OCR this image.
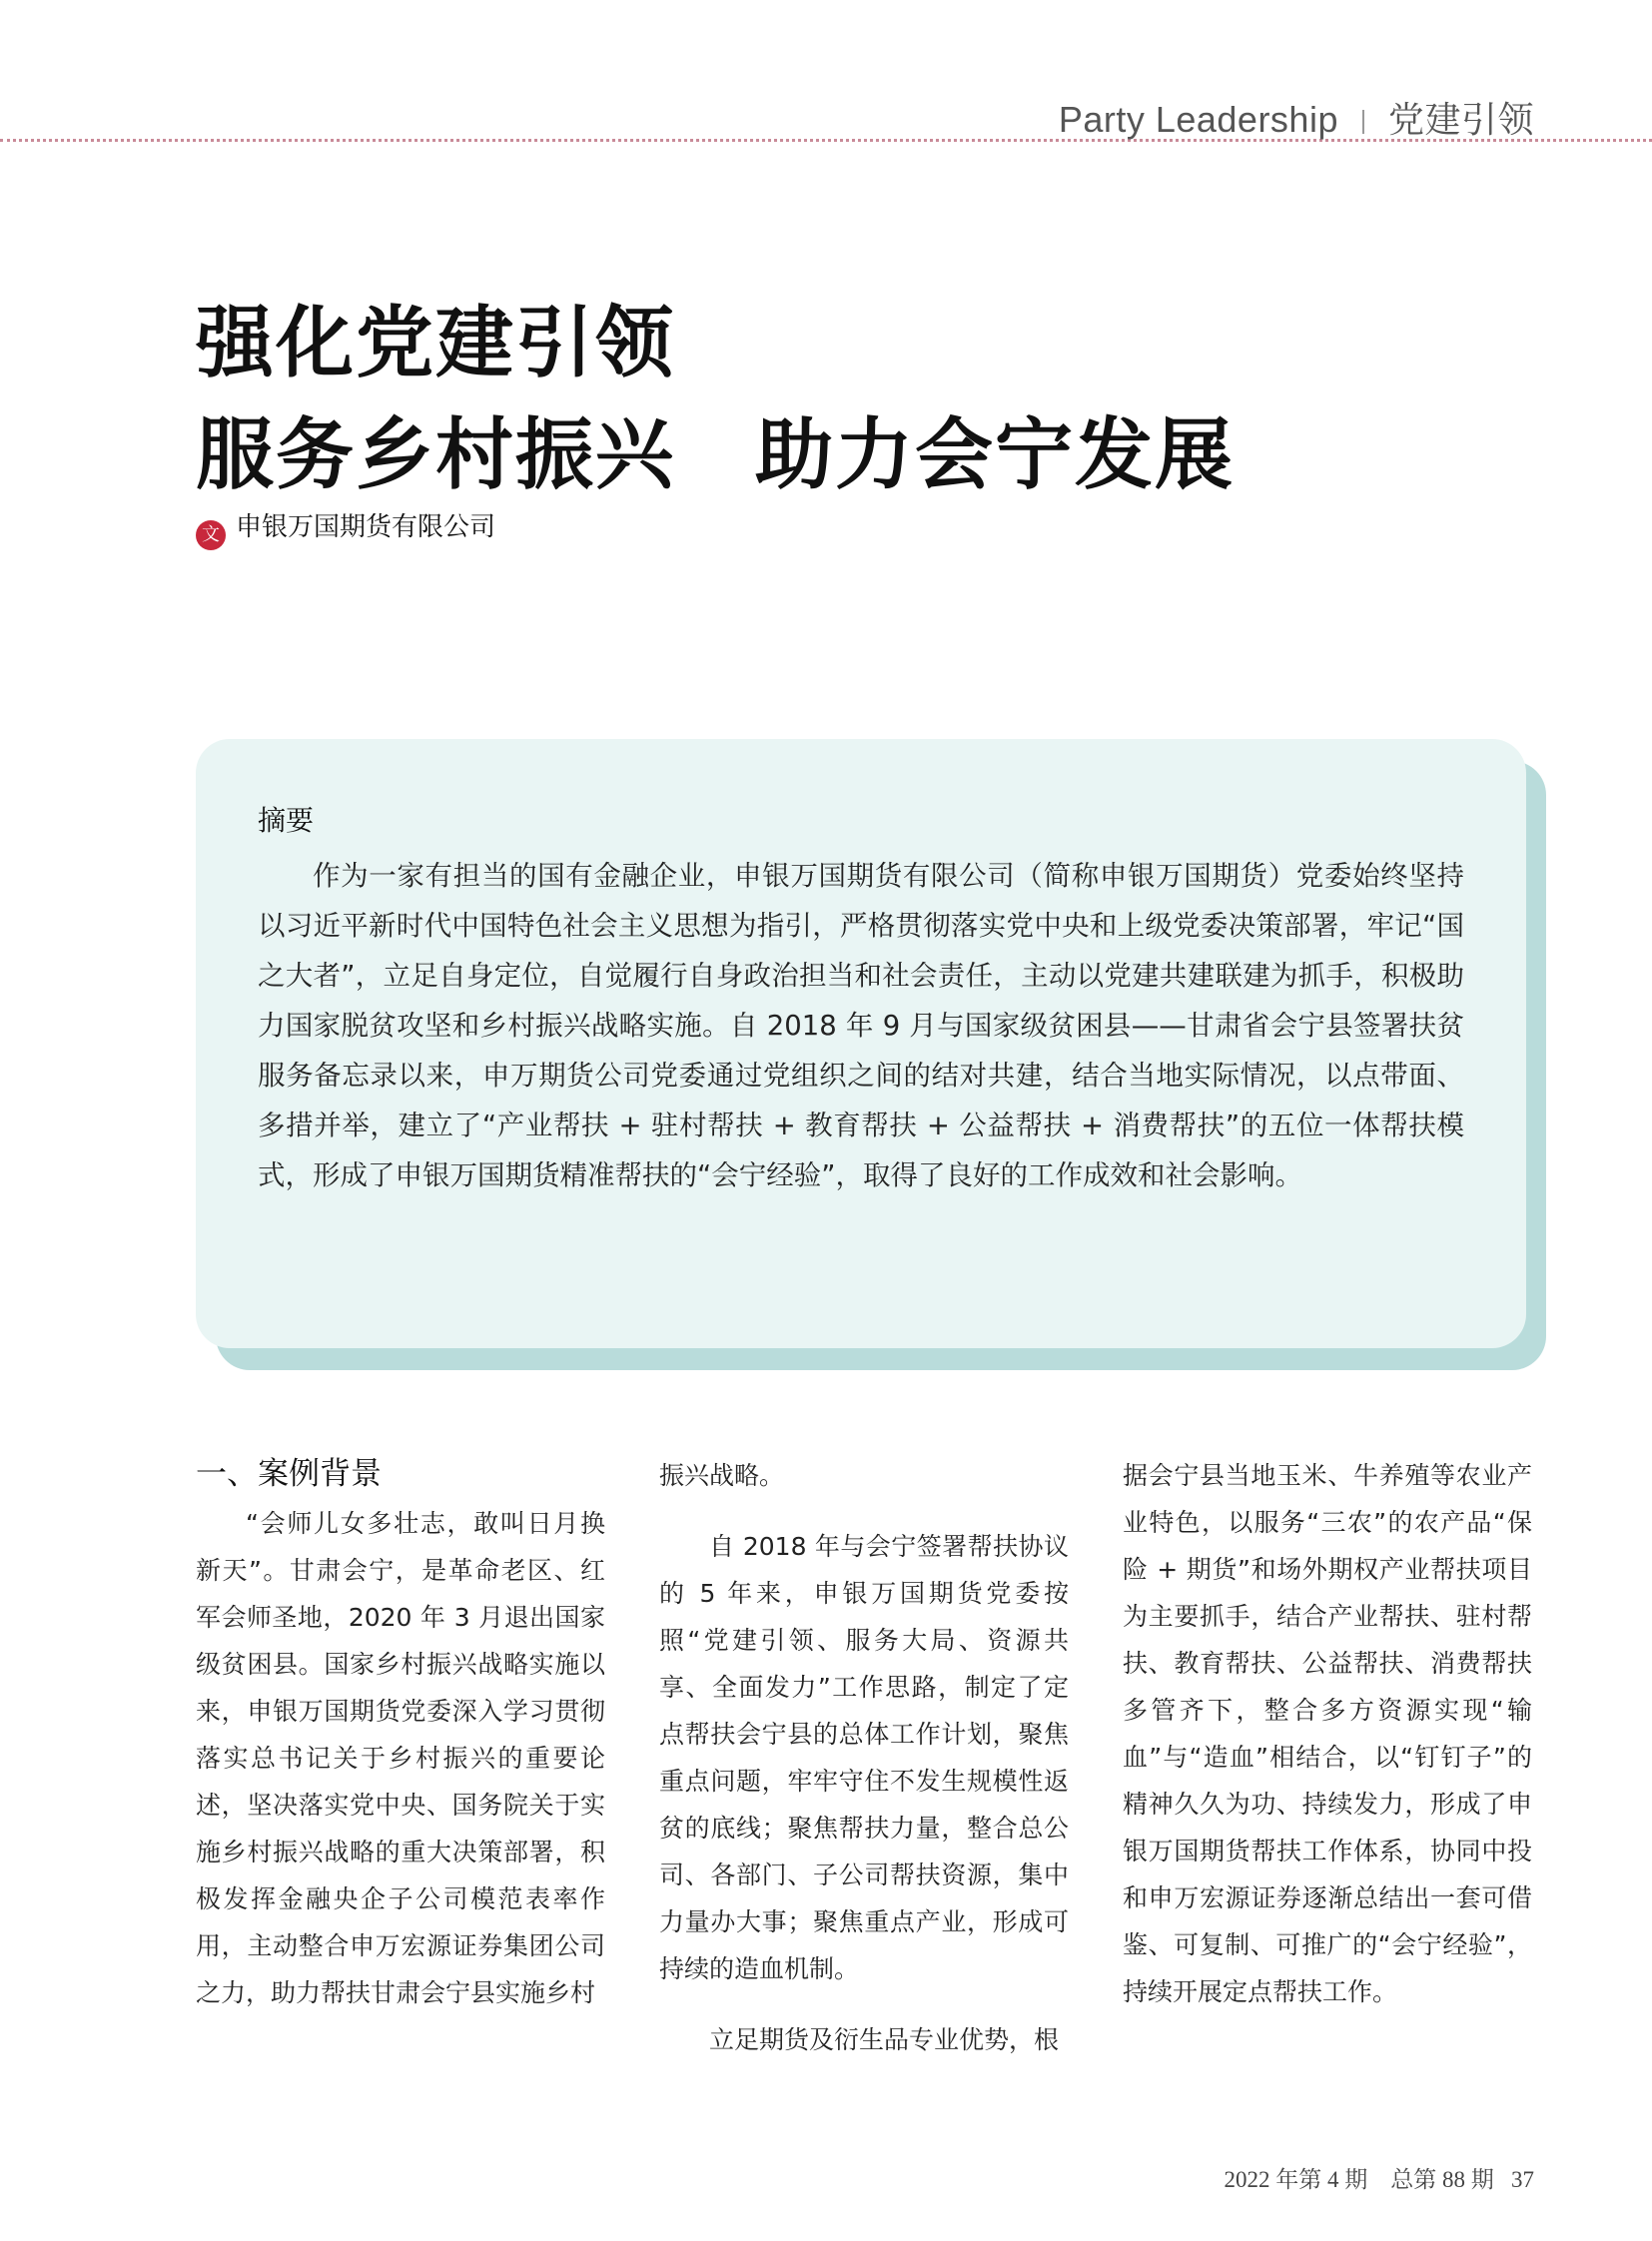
Party Leadership 党建引领
强化党建引领
服务乡村振兴　助力会宁发展
文 申银万国期货有限公司
摘要
作为一家有担当的国有金融企业，申银万国期货有限公司（简称申银万国期货）党委始终坚持以习近平新时代中国特色社会主义思想为指引，严格贯彻落实党中央和上级党委决策部署，牢记“国之大者”，立足自身定位，自觉履行自身政治担当和社会责任，主动以党建共建联建为抓手，积极助力国家脱贫攻坚和乡村振兴战略实施。自 2018 年 9 月与国家级贫困县——甘肃省会宁县签署扶贫服务备忘录以来，申万期货公司党委通过党组织之间的结对共建，结合当地实际情况，以点带面、多措并举，建立了“产业帮扶 + 驻村帮扶 + 教育帮扶 + 公益帮扶 + 消费帮扶”的五位一体帮扶模式，形成了申银万国期货精准帮扶的“会宁经验”，取得了良好的工作成效和社会影响。
一、案例背景

“会师儿女多壮志，敢叫日月换新天”。甘肃会宁，是革命老区、红军会师圣地，2020 年 3 月退出国家级贫困县。国家乡村振兴战略实施以来，申银万国期货党委深入学习贯彻落实总书记关于乡村振兴的重要论述，坚决落实党中央、国务院关于实施乡村振兴战略的重大决策部署，积极发挥金融央企子公司模范表率作用，主动整合申万宏源证券集团公司之力，助力帮扶甘肃会宁县实施乡村

振兴战略。

自 2018 年与会宁签署帮扶协议的 5 年来，申银万国期货党委按照“党建引领、服务大局、资源共享、全面发力”工作思路，制定了定点帮扶会宁县的总体工作计划，聚焦重点问题，牢牢守住不发生规模性返贫的底线；聚焦帮扶力量，整合总公司、各部门、子公司帮扶资源，集中力量办大事；聚焦重点产业，形成可持续的造血机制。

立足期货及衍生品专业优势，根

据会宁县当地玉米、牛养殖等农业产业特色，以服务“三农”的农产品“保险 + 期货”和场外期权产业帮扶项目为主要抓手，结合产业帮扶、驻村帮扶、教育帮扶、公益帮扶、消费帮扶多管齐下，整合多方资源实现“输血”与“造血”相结合，以“钉钉子”的精神久久为功、持续发力，形成了申银万国期货帮扶工作体系，协同中投和申万宏源证券逐渐总结出一套可借鉴、可复制、可推广的“会宁经验”，持续开展定点帮扶工作。

2022 年第 4 期　总第 88 期 37
